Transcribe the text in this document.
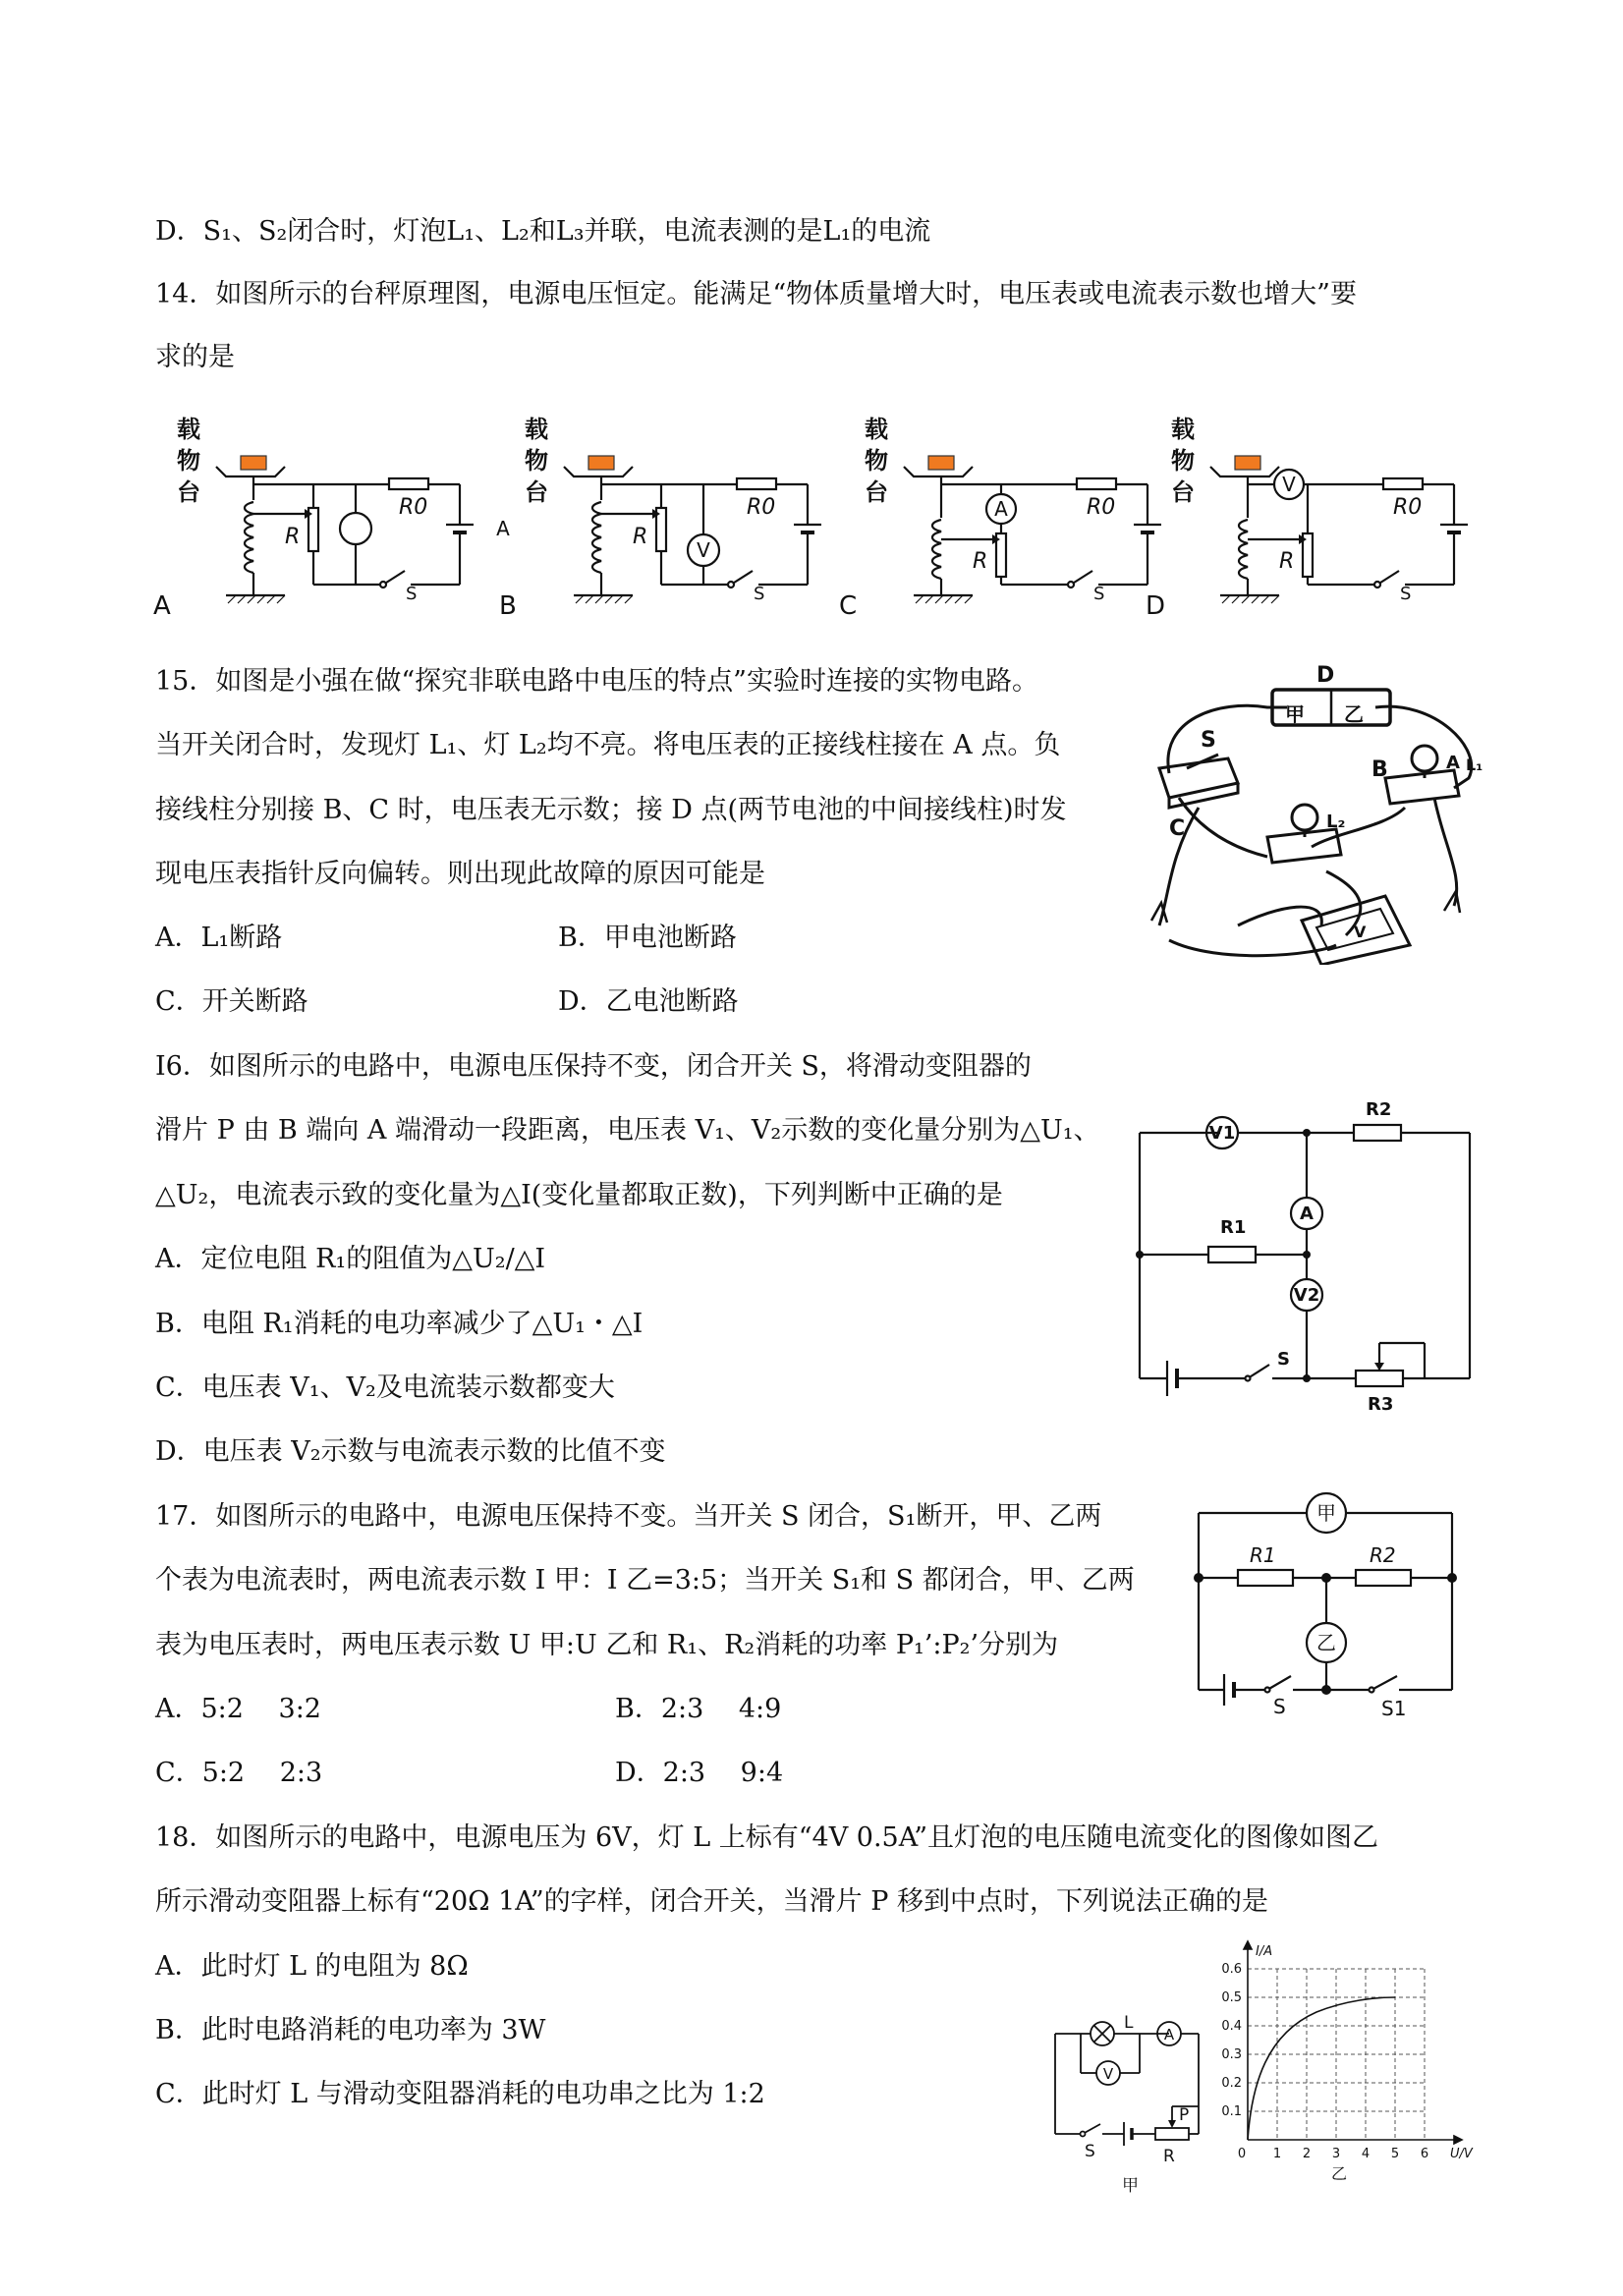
D．S₁、S₂闭合时，灯泡L₁、L₂和L₃并联，电流表测的是L₁的电流
14．如图所示的台秤原理图，电源电压恒定。能满足“物体质量增大时，电压表或电流表示数也增大”要
求的是
载
物
台
载
物
台
载
物
台
载
物
台
R
R0
R
R0
R
R0
R
R0
S	S	S	S
A
V
A
V
A	B	C	D
15．如图是小强在做“探究非联电路中电压的特点”实验时连接的实物电路。
当开关闭合时，发现灯 L₁、灯 L₂均不亮。将电压表的正接线柱接在 A 点。负
接线柱分别接 B、C 时，电压表无示数；接 D 点(两节电池的中间接线柱)时发
现电压表指针反向偏转。则出现此故障的原因可能是
A．L₁断路	B．甲电池断路
C．开关断路	D．乙电池断路
D
甲 乙
S
B	A
C	L₂
L₁
V
I6．如图所示的电路中，电源电压保持不变，闭合开关 S，将滑动变阻器的
滑片 P 由 B 端向 A 端滑动一段距离，电压表 V₁、V₂示数的变化量分别为△U₁、
△U₂，电流表示致的变化量为△I(变化量都取正数)，下列判断中正确的是
A．定位电阻 R₁的阻值为△U₂/△I
B．电阻 R₁消耗的电功率减少了△U₁・△I
C．电压表 V₁、V₂及电流装示数都变大
D．电压表 V₂示数与电流表示数的比值不变
V1
A
V2
R1
R2
R3
S
17．如图所示的电路中，电源电压保持不变。当开关 S 闭合，S₁断开，甲、乙两
个表为电流表时，两电流表示数 I 甲：I 乙=3:5；当开关 S₁和 S 都闭合，甲、乙两
表为电压表时，两电压表示数 U 甲:U 乙和 R₁、R₂消耗的功率 P₁’:P₂’分别为
A．5:2　 3:2	B．2:3　 4:9
C．5:2　 2:3	D．2:3　 9:4
甲
乙
R1	R2
S	S1
18．如图所示的电路中，电源电压为 6V，灯 L 上标有“4V 0.5A”且灯泡的电压随电流变化的图像如图乙
所示滑动变阻器上标有“20Ω 1A”的字样，闭合开关，当滑片 P 移到中点时，下列说法正确的是
A．此时灯 L 的电阻为 8Ω
B．此时电路消耗的电功率为 3W
C．此时灯 L 与滑动变阻器消耗的电功串之比为 1:2
L
A
V
S
P
R
甲
I/A
U/V
0.6
0.5
0.4
0.3
0.2
0.1
0 1 2 3 4 5 6
乙
